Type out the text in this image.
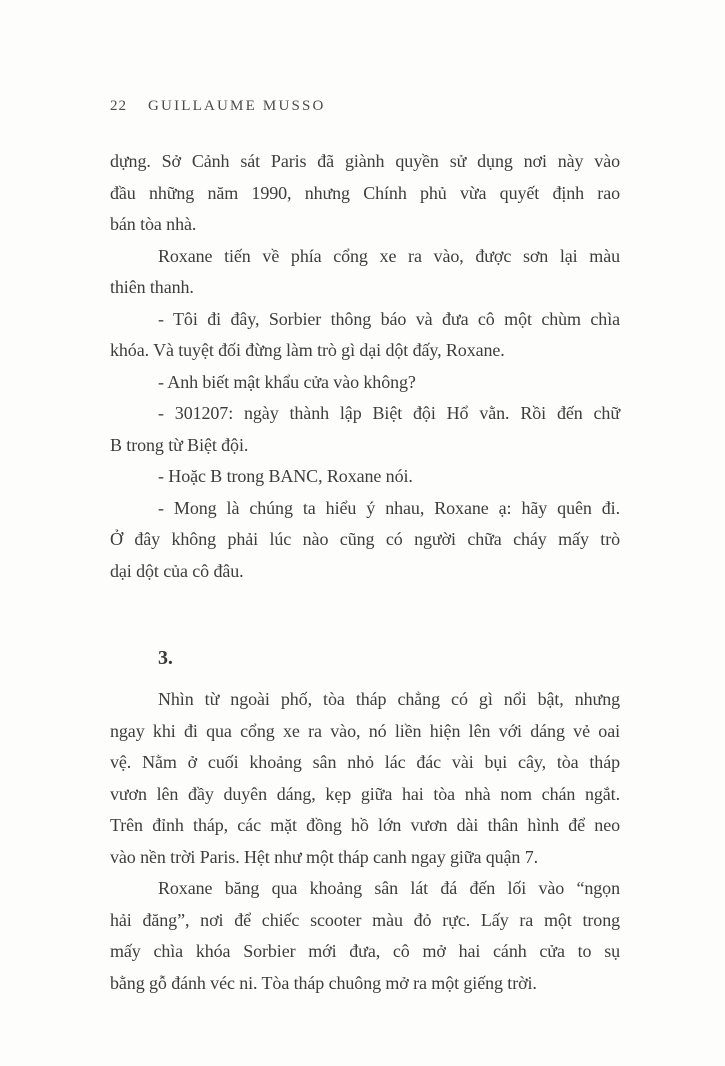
22 GUILLAUME MUSSO
dựng. Sở Cảnh sát Paris đã giành quyền sử dụng nơi này vào
đầu những năm 1990, nhưng Chính phủ vừa quyết định rao
bán tòa nhà.
Roxane tiến về phía cổng xe ra vào, được sơn lại màu
thiên thanh.
- Tôi đi đây, Sorbier thông báo và đưa cô một chùm chìa
khóa. Và tuyệt đối đừng làm trò gì dại dột đấy, Roxane.
- Anh biết mật khẩu cửa vào không?
- 301207: ngày thành lập Biệt đội Hổ vằn. Rồi đến chữ
B trong từ Biệt đội.
- Hoặc B trong BANC, Roxane nói.
- Mong là chúng ta hiểu ý nhau, Roxane ạ: hãy quên đi.
Ở đây không phải lúc nào cũng có người chữa cháy mấy trò
dại dột của cô đâu.
3.
Nhìn từ ngoài phố, tòa tháp chẳng có gì nổi bật, nhưng
ngay khi đi qua cổng xe ra vào, nó liền hiện lên với dáng vẻ oai
vệ. Nằm ở cuối khoảng sân nhỏ lác đác vài bụi cây, tòa tháp
vươn lên đầy duyên dáng, kẹp giữa hai tòa nhà nom chán ngắt.
Trên đỉnh tháp, các mặt đồng hồ lớn vươn dài thân hình để neo
vào nền trời Paris. Hệt như một tháp canh ngay giữa quận 7.
Roxane băng qua khoảng sân lát đá đến lối vào “ngọn
hải đăng”, nơi để chiếc scooter màu đỏ rực. Lấy ra một trong
mấy chìa khóa Sorbier mới đưa, cô mở hai cánh cửa to sụ
bằng gỗ đánh véc ni. Tòa tháp chuông mở ra một giếng trời.
